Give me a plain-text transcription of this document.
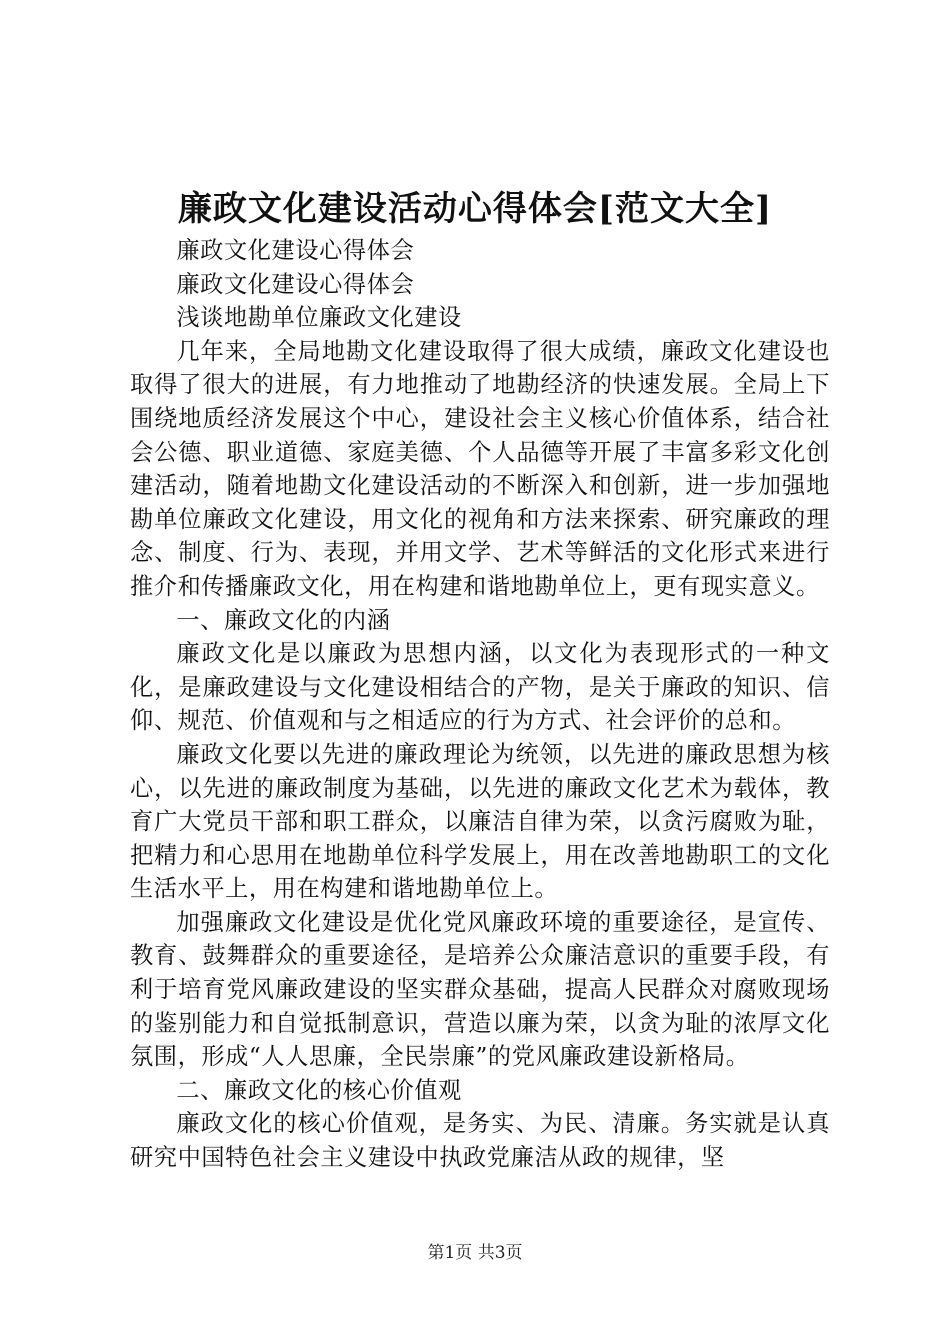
廉政文化建设活动心得体会[范文大全]

廉政文化建设心得体会

廉政文化建设心得体会

浅谈地勘单位廉政文化建设

几年来，全局地勘文化建设取得了很大成绩，廉政文化建设也取得了很大的进展，有力地推动了地勘经济的快速发展。全局上下围绕地质经济发展这个中心，建设社会主义核心价值体系，结合社会公德、职业道德、家庭美德、个人品德等开展了丰富多彩文化创建活动，随着地勘文化建设活动的不断深入和创新，进一步加强地勘单位廉政文化建设，用文化的视角和方法来探索、研究廉政的理念、制度、行为、表现，并用文学、艺术等鲜活的文化形式来进行推介和传播廉政文化，用在构建和谐地勘单位上，更有现实意义。

一、廉政文化的内涵

廉政文化是以廉政为思想内涵，以文化为表现形式的一种文化，是廉政建设与文化建设相结合的产物，是关于廉政的知识、信仰、规范、价值观和与之相适应的行为方式、社会评价的总和。

廉政文化要以先进的廉政理论为统领，以先进的廉政思想为核心，以先进的廉政制度为基础，以先进的廉政文化艺术为载体，教育广大党员干部和职工群众，以廉洁自律为荣，以贪污腐败为耻，把精力和心思用在地勘单位科学发展上，用在改善地勘职工的文化生活水平上，用在构建和谐地勘单位上。

加强廉政文化建设是优化党风廉政环境的重要途径，是宣传、教育、鼓舞群众的重要途径，是培养公众廉洁意识的重要手段，有利于培育党风廉政建设的坚实群众基础，提高人民群众对腐败现场的鉴别能力和自觉抵制意识，营造以廉为荣，以贪为耻的浓厚文化氛围，形成“人人思廉，全民崇廉”的党风廉政建设新格局。

二、廉政文化的核心价值观

廉政文化的核心价值观，是务实、为民、清廉。务实就是认真研究中国特色社会主义建设中执政党廉洁从政的规律，坚

第1页 共3页
